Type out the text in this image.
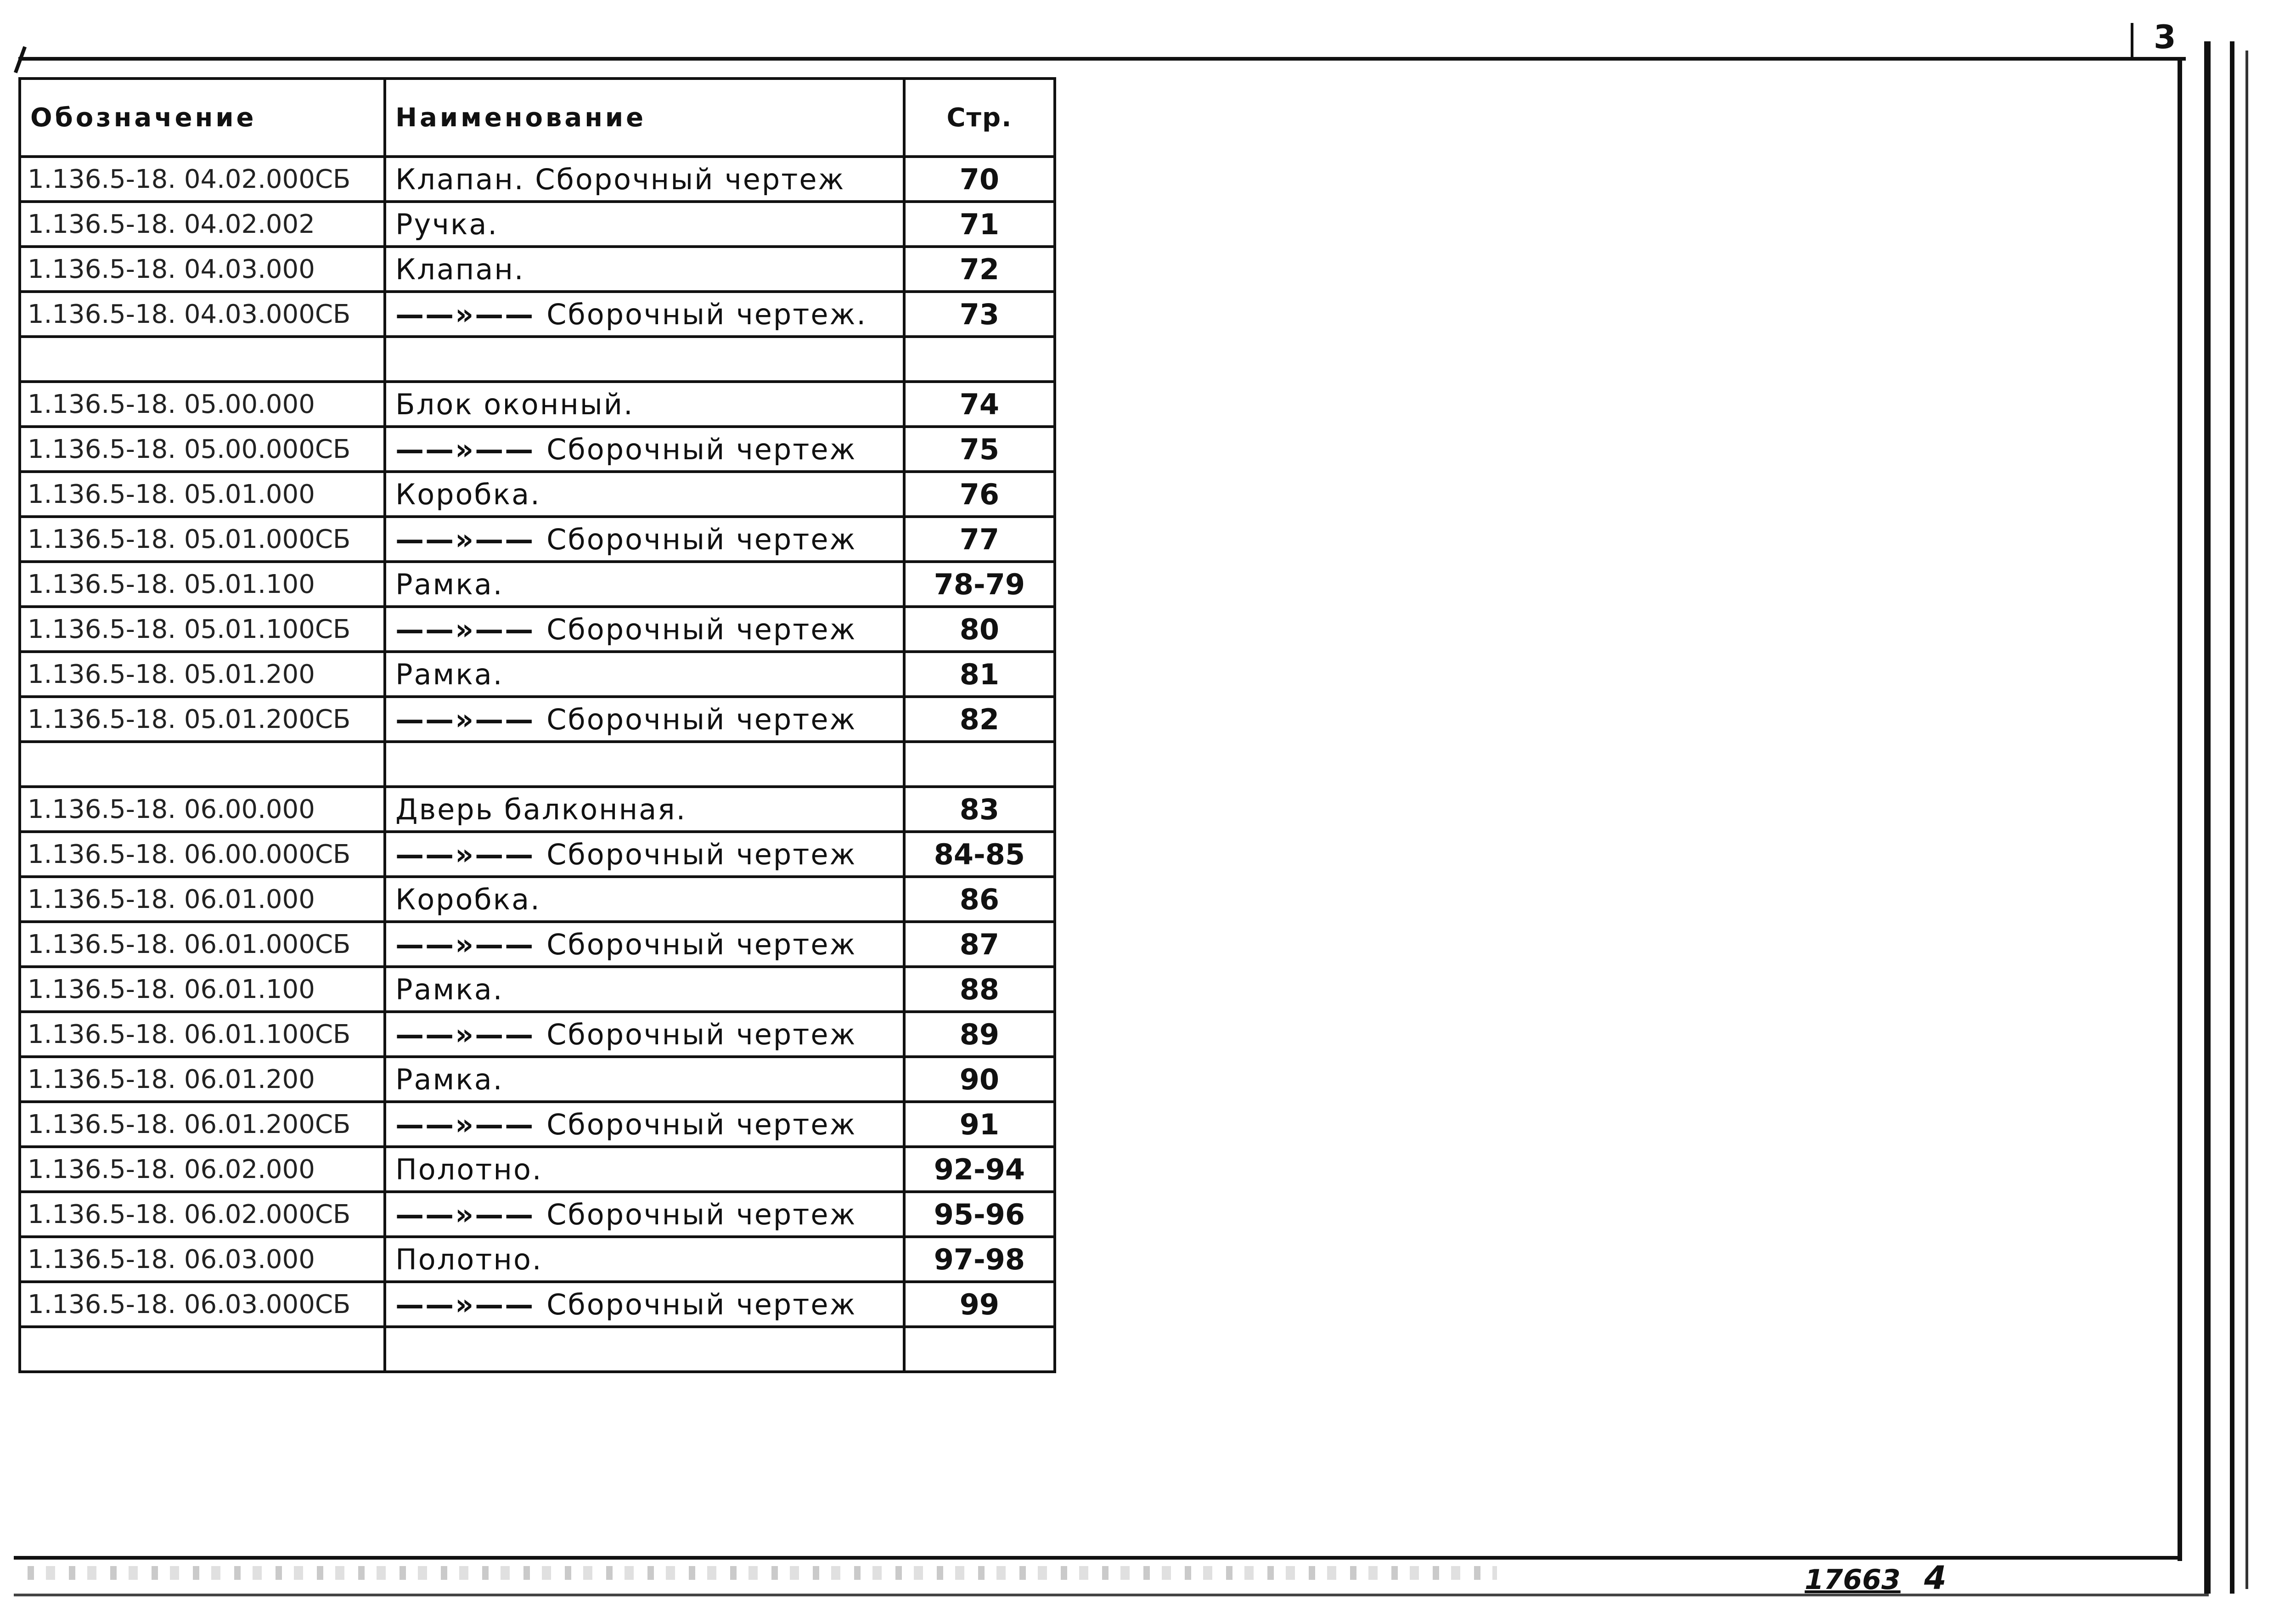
3
Обозначение	Наименование	Стр.
1.136.5-18. 04.02.000СБ	Клапан. Сборочный чертеж	70
1.136.5-18. 04.02.002	Ручка.	71
1.136.5-18. 04.03.000	Клапан.	72
1.136.5-18. 04.03.000СБ	——»—— Сборочный чертеж.	73

1.136.5-18. 05.00.000	Блок оконный.	74
1.136.5-18. 05.00.000СБ	——»—— Сборочный чертеж	75
1.136.5-18. 05.01.000	Коробка.	76
1.136.5-18. 05.01.000СБ	——»—— Сборочный чертеж	77
1.136.5-18. 05.01.100	Рамка.	78-79
1.136.5-18. 05.01.100СБ	——»—— Сборочный чертеж	80
1.136.5-18. 05.01.200	Рамка.	81
1.136.5-18. 05.01.200СБ	——»—— Сборочный чертеж	82

1.136.5-18. 06.00.000	Дверь балконная.	83
1.136.5-18. 06.00.000СБ	——»—— Сборочный чертеж	84-85
1.136.5-18. 06.01.000	Коробка.	86
1.136.5-18. 06.01.000СБ	——»—— Сборочный чертеж	87
1.136.5-18. 06.01.100	Рамка.	88
1.136.5-18. 06.01.100СБ	——»—— Сборочный чертеж	89
1.136.5-18. 06.01.200	Рамка.	90
1.136.5-18. 06.01.200СБ	——»—— Сборочный чертеж	91
1.136.5-18. 06.02.000	Полотно.	92-94
1.136.5-18. 06.02.000СБ	——»—— Сборочный чертеж	95-96
1.136.5-18. 06.03.000	Полотно.	97-98
1.136.5-18. 06.03.000СБ	——»—— Сборочный чертеж	99

17663 4
